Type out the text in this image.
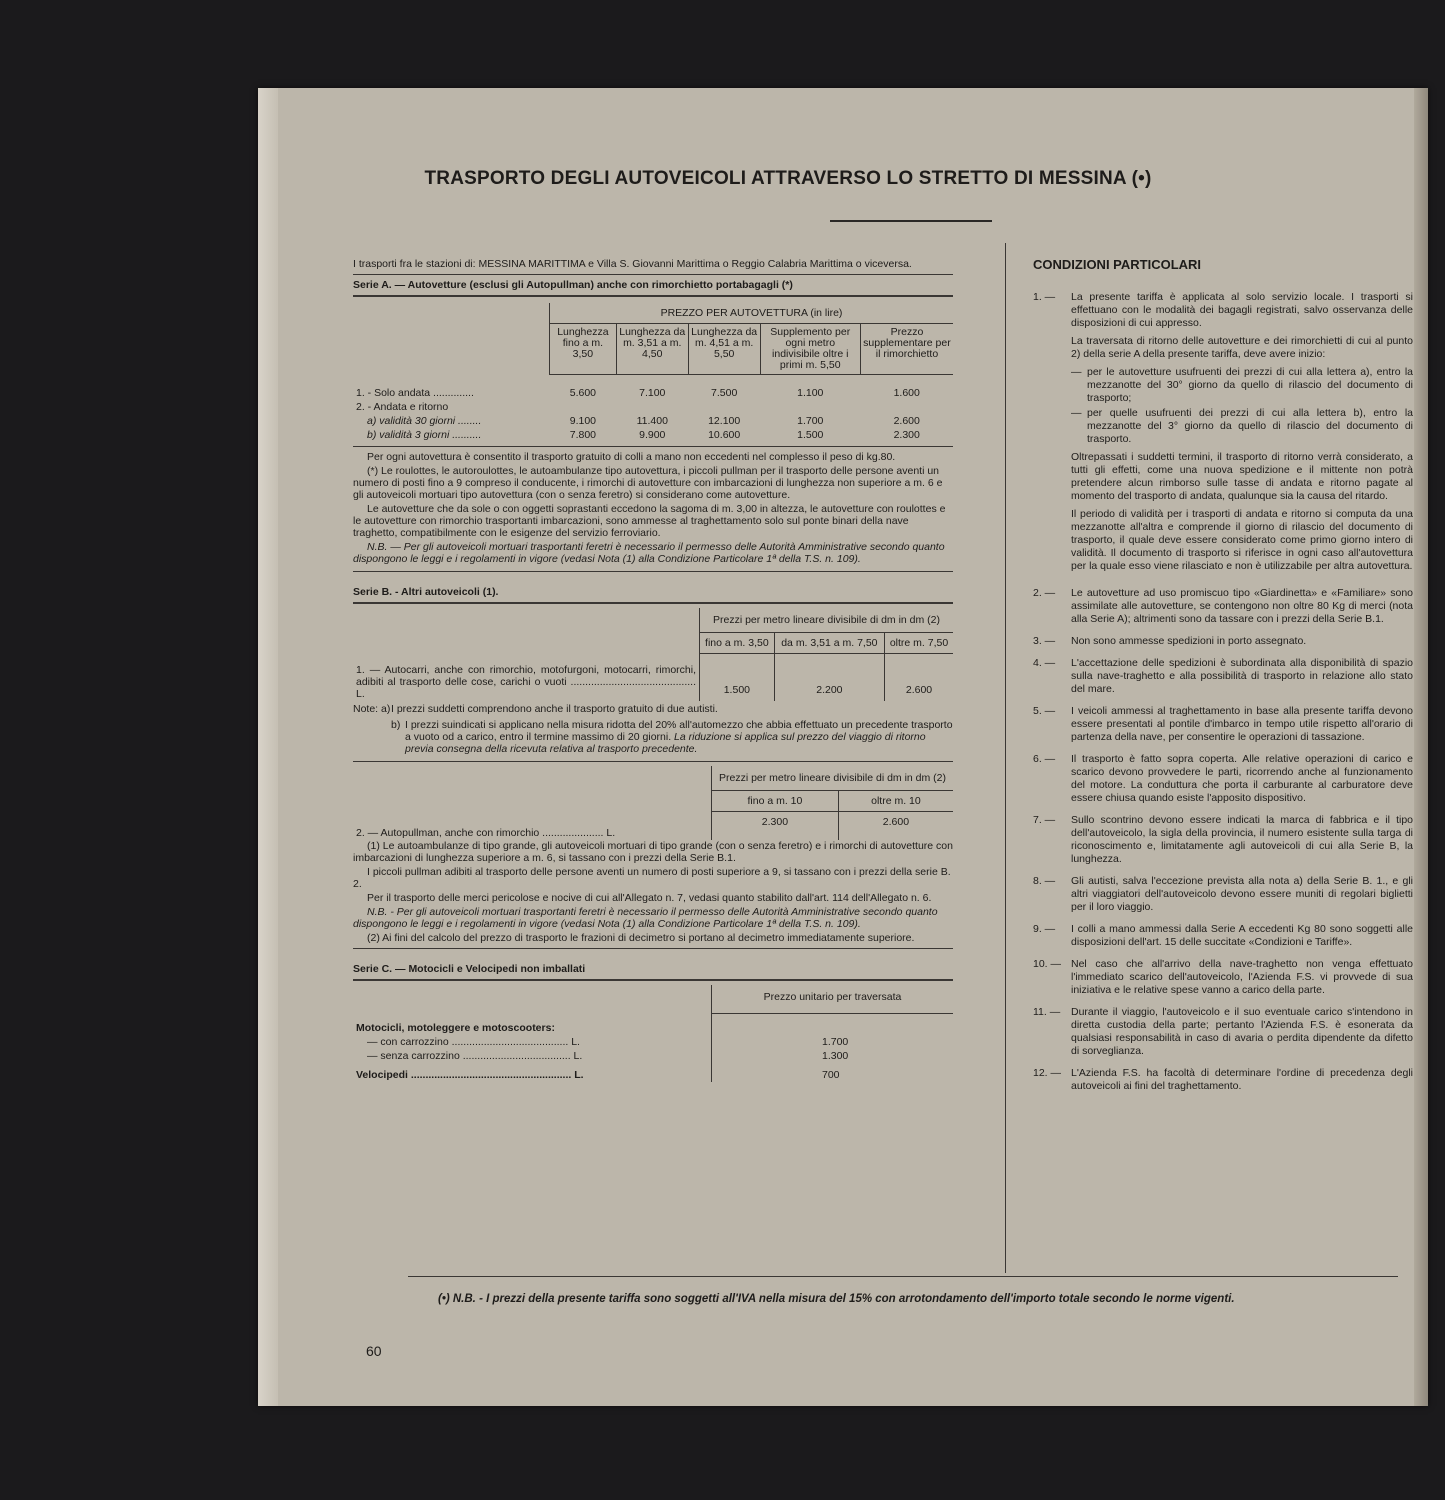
TRASPORTO DEGLI AUTOVEICOLI ATTRAVERSO LO STRETTO DI MESSINA (•)

I trasporti fra le stazioni di: MESSINA MARITTIMA e Villa S. Giovanni Marittima o Reggio Calabria Marittima o viceversa.

Serie A. — Autovetture (esclusi gli Autopullman) anche con rimorchietto portabagagli (*)

	PREZZO PER AUTOVETTURA (in lire)				
	Lunghezza fino a m. 3,50	Lunghezza da m. 3,51 a m. 4,50	Lunghezza da m. 4,51 a m. 5,50	Supplemento per ogni metro indivisibile oltre i primi m. 5,50	Prezzo supplementare per il rimorchietto
1. - Solo andata ..............	5.600	7.100	7.500	1.100	1.600
2. - Andata e ritorno					
a) validità 30 giorni ........	9.100	11.400	12.100	1.700	2.600
b) validità 3 giorni ..........	7.800	9.900	10.600	1.500	2.300

Per ogni autovettura è consentito il trasporto gratuito di colli a mano non eccedenti nel complesso il peso di kg.80.

(*) Le roulottes, le autoroulottes, le autoambulanze tipo autovettura, i piccoli pullman per il trasporto delle persone aventi un numero di posti fino a 9 compreso il conducente, i rimorchi di autovetture con imbarcazioni di lunghezza non superiore a m. 6 e gli autoveicoli mortuari tipo autovettura (con o senza feretro) si considerano come autovetture.

Le autovetture che da sole o con oggetti soprastanti eccedono la sagoma di m. 3,00 in altezza, le autovetture con roulottes e le autovetture con rimorchio trasportanti imbarcazioni, sono ammesse al traghettamento solo sul ponte binari della nave traghetto, compatibilmente con le esigenze del servizio ferroviario.

N.B. — Per gli autoveicoli mortuari trasportanti feretri è necessario il permesso delle Autorità Amministrative secondo quanto dispongono le leggi e i regolamenti in vigore (vedasi Nota (1) alla Condizione Particolare 1ª della T.S. n. 109).

Serie B. - Altri autoveicoli (1).

	Prezzi per metro lineare divisibile di dm in dm (2)		
	fino a m. 3,50	da m. 3,51 a m. 7,50	oltre m. 7,50
1. — Autocarri, anche con rimorchio, motofurgoni, motocarri, rimorchi, adibiti al trasporto delle cose, carichi o vuoti ........................................... L.	1.500	2.200	2.600
Note: a) I prezzi suddetti comprendono anche il trasporto gratuito di due autisti.
b) I prezzi suindicati si applicano nella misura ridotta del 20% all'automezzo che abbia effettuato un precedente trasporto a vuoto od a carico, entro il termine massimo di 20 giorni. La riduzione si applica sul prezzo del viaggio di ritorno previa consegna della ricevuta relativa al trasporto precedente.
	Prezzi per metro lineare divisibile di dm in dm (2)	
	fino a m. 10	oltre m. 10
2. — Autopullman, anche con rimorchio ..................... L.	2.300	2.600

(1) Le autoambulanze di tipo grande, gli autoveicoli mortuari di tipo grande (con o senza feretro) e i rimorchi di autovetture con imbarcazioni di lunghezza superiore a m. 6, si tassano con i prezzi della Serie B.1.

I piccoli pullman adibiti al trasporto delle persone aventi un numero di posti superiore a 9, si tassano con i prezzi della serie B. 2.

Per il trasporto delle merci pericolose e nocive di cui all'Allegato n. 7, vedasi quanto stabilito dall'art. 114 dell'Allegato n. 6.

N.B. - Per gli autoveicoli mortuari trasportanti feretri è necessario il permesso delle Autorità Amministrative secondo quanto dispongono le leggi e i regolamenti in vigore (vedasi Nota (1) alla Condizione Particolare 1ª della T.S. n. 109).

(2) Ai fini del calcolo del prezzo di trasporto le frazioni di decimetro si portano al decimetro immediatamente superiore.

Serie C. — Motocicli e Velocipedi non imballati

	Prezzo unitario per traversata
Motocicli, motoleggere e motoscooters:	
— con carrozzino ........................................ L.	1.700
— senza carrozzino ..................................... L.	1.300
Velocipedi ....................................................... L.	700
CONDIZIONI PARTICOLARI
1. —	La presente tariffa è applicata al solo servizio locale. I trasporti si effettuano con le modalità dei bagagli registrati, salvo osservanza delle disposizioni di cui appresso.

La traversata di ritorno delle autovetture e dei rimorchietti di cui al punto 2) della serie A della presente tariffa, deve avere inizio:

— per le autovetture usufruenti dei prezzi di cui alla lettera a), entro la mezzanotte del 30° giorno da quello di rilascio del documento di trasporto;
— per quelle usufruenti dei prezzi di cui alla lettera b), entro la mezzanotte del 3° giorno da quello di rilascio del documento di trasporto.

Oltrepassati i suddetti termini, il trasporto di ritorno verrà considerato, a tutti gli effetti, come una nuova spedizione e il mittente non potrà pretendere alcun rimborso sulle tasse di andata e ritorno pagate al momento del trasporto di andata, qualunque sia la causa del ritardo.

Il periodo di validità per i trasporti di andata e ritorno si computa da una mezzanotte all'altra e comprende il giorno di rilascio del documento di trasporto, il quale deve essere considerato come primo giorno intero di validità. Il documento di trasporto si riferisce in ogni caso all'autovettura per la quale esso viene rilasciato e non è utilizzabile per altra autovettura.

2. —	Le autovetture ad uso promiscuo tipo «Giardinetta» e «Familiare» sono assimilate alle autovetture, se contengono non oltre 80 Kg di merci (nota alla Serie A); altrimenti sono da tassare con i prezzi della Serie B.1.
3. —	Non sono ammesse spedizioni in porto assegnato.
4. —	L'accettazione delle spedizioni è subordinata alla disponibilità di spazio sulla nave-traghetto e alla possibilità di trasporto in relazione allo stato del mare.
5. —	I veicoli ammessi al traghettamento in base alla presente tariffa devono essere presentati al pontile d'imbarco in tempo utile rispetto all'orario di partenza della nave, per consentire le operazioni di tassazione.
6. —	Il trasporto è fatto sopra coperta. Alle relative operazioni di carico e scarico devono provvedere le parti, ricorrendo anche al funzionamento del motore. La conduttura che porta il carburante al carburatore deve essere chiusa quando esiste l'apposito dispositivo.
7. —	Sullo scontrino devono essere indicati la marca di fabbrica e il tipo dell'autoveicolo, la sigla della provincia, il numero esistente sulla targa di riconoscimento e, limitatamente agli autoveicoli di cui alla Serie B, la lunghezza.
8. —	Gli autisti, salva l'eccezione prevista alla nota a) della Serie B. 1., e gli altri viaggiatori dell'autoveicolo devono essere muniti di regolari biglietti per il loro viaggio.
9. —	I colli a mano ammessi dalla Serie A eccedenti Kg 80 sono soggetti alle disposizioni dell'art. 15 delle succitate «Condizioni e Tariffe».
10. — Nel caso che all'arrivo della nave-traghetto non venga effettuato l'immediato scarico dell'autoveicolo, l'Azienda F.S. vi provvede di sua iniziativa e le relative spese vanno a carico della parte.
11. —	Durante il viaggio, l'autoveicolo e il suo eventuale carico s'intendono in diretta custodia della parte; pertanto l'Azienda F.S. è esonerata da qualsiasi responsabilità in caso di avaria o perdita dipendente da difetto di sorveglianza.
12. — L'Azienda F.S. ha facoltà di determinare l'ordine di precedenza degli autoveicoli ai fini del traghettamento.
(•) N.B. - I prezzi della presente tariffa sono soggetti all'IVA nella misura del 15% con arrotondamento dell'importo totale secondo le norme vigenti.
60
